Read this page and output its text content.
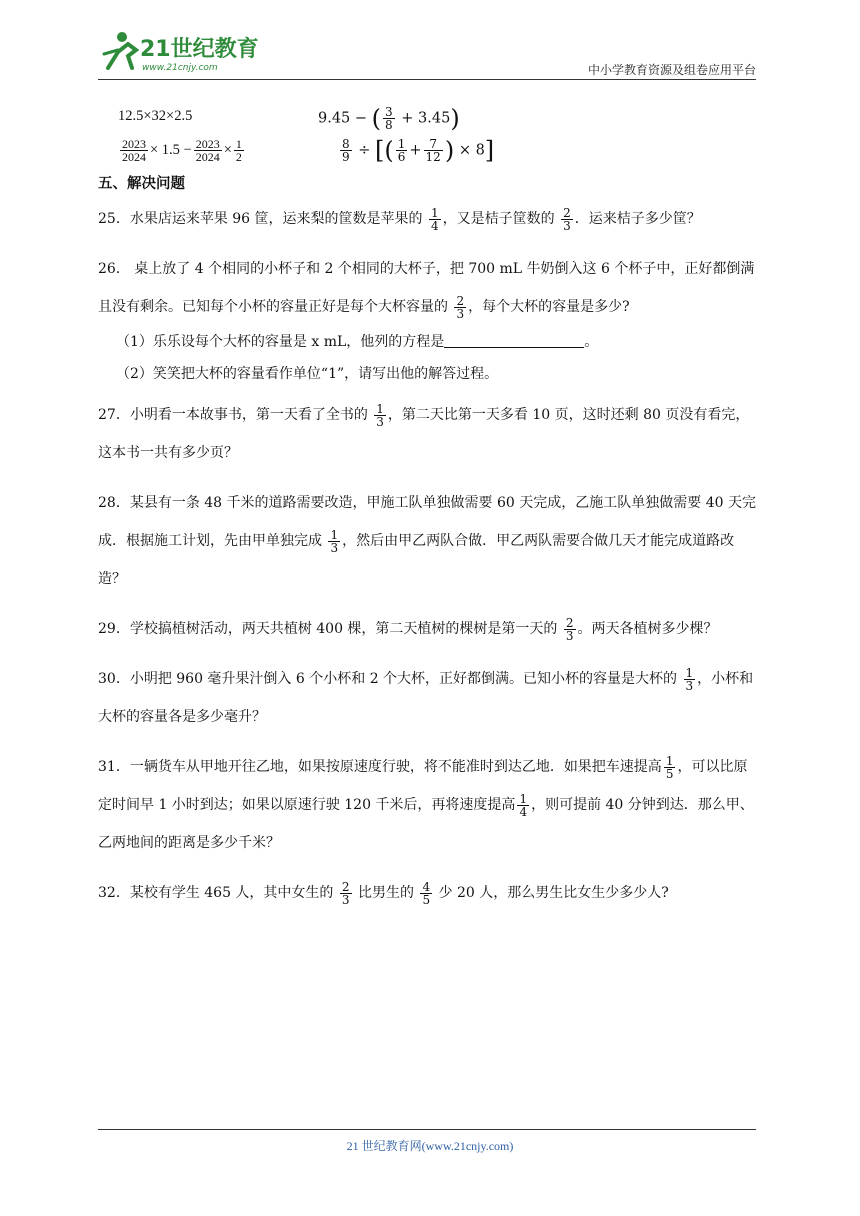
21世纪教育
www.21cnjy.com	中小学教育资源及组卷应用平台
12.5×32×2.5	9.45 − ( $\frac{3}{8} + 3.45$)
$\frac{2023}{2024} \times 1.5 - \frac{2023}{2024} \times \frac{1}{2}$	$\frac{8}{9}$ ÷ [( $\frac{1}{6} + \frac{7}{12}$ ) × 8]
五、解决问题
25．水果店运来苹果 96 筐，运来梨的筐数是苹果的 $\frac{1}{4}$ ，又是桔子筐数的 $\frac{2}{3}$ ．运来桔子多少筐？
26． 桌上放了 4 个相同的小杯子和 2 个相同的大杯子，把 700 mL 牛奶倒入这 6 个杯子中，正好都倒满且没有剩余。已知每个小杯的容量正好是每个大杯容量的 $\frac{2}{3}$ ，每个大杯的容量是多少?
（1）乐乐设每个大杯的容量是 x mL，他列的方程是	。
（2）笑笑把大杯的容量看作单位“1”，请写出他的解答过程。
27．小明看一本故事书，第一天看了全书的 $\frac{1}{3}$ ，第二天比第一天多看 10 页，这时还剩 80 页没有看完，这本书一共有多少页？
28．某县有一条 48 千米的道路需要改造，甲施工队单独做需要 60 天完成，乙施工队单独做需要 40 天完成．根据施工计划，先由甲单独完成 $\frac{1}{3}$ ，然后由甲乙两队合做．甲乙两队需要合做几天才能完成道路改造？
29．学校搞植树活动，两天共植树 400 棵，第二天植树的棵树是第一天的 $\frac{2}{3}$ 。两天各植树多少棵？
30．小明把 960 毫升果汁倒入 6 个小杯和 2 个大杯，正好都倒满。已知小杯的容量是大杯的 $\frac{1}{3}$ ，小杯和大杯的容量各是多少毫升？
31．一辆货车从甲地开往乙地，如果按原速度行驶，将不能准时到达乙地．如果把车速提高 $\frac{1}{5}$ ，可以比原定时间早 1 小时到达；如果以原速行驶 120 千米后，再将速度提高 $\frac{1}{4}$ ，则可提前 40 分钟到达．那么甲、乙两地间的距离是多少千米？
32．某校有学生 465 人，其中女生的 $\frac{2}{3}$ 比男生的 $\frac{4}{5}$ 少 20 人，那么男生比女生少多少人?
21 世纪教育网(www.21cnjy.com)
